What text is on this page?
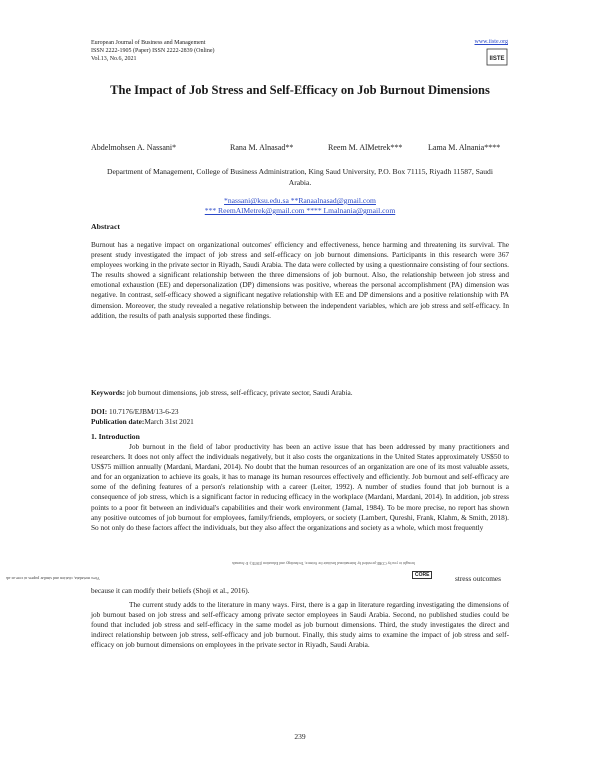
European Journal of Business and Management
ISSN 2222-1905 (Paper) ISSN 2222-2839 (Online)
Vol.13, No.6, 2021
www.iiste.org
IISTE
The Impact of Job Stress and Self-Efficacy on Job Burnout Dimensions
Abdelmohsen A. Nassani*	Rana M. Alnasad**	Reem M. AlMetrek***	Lama M. Alnania****
Department of Management, College of Business Administration, King Saud University, P.O. Box 71115, Riyadh 11587, Saudi Arabia.
*nassani@ksu.edu.sa **Ranaalnasad@gmail.com
*** ReemAlMetrek@gmail.com **** Lmalnania@gmail.com
Abstract
Burnout has a negative impact on organizational outcomes' efficiency and effectiveness, hence harming and threatening its survival. The present study investigated the impact of job stress and self-efficacy on job burnout dimensions. Participants in this research were 367 employees working in the private sector in Riyadh, Saudi Arabia. The data were collected by using a questionnaire consisting of four sections. The results showed a significant relationship between the three dimensions of job burnout. Also, the relationship between job stress and emotional exhaustion (EE) and depersonalization (DP) dimensions was positive, whereas the personal accomplishment (PA) dimension was negative. In contrast, self-efficacy showed a significant negative relationship with EE and DP dimensions and a positive relationship with PA dimension. Moreover, the study revealed a negative relationship between the independent variables, which are job stress and self-efficacy. In addition, the results of path analysis supported these findings.
Keywords: job burnout dimensions, job stress, self-efficacy, private sector, Saudi Arabia.
DOI: 10.7176/EJBM/13-6-23
Publication date:March 31st 2021
1. Introduction
Job burnout in the field of labor productivity has been an active issue that has been addressed by many practitioners and researchers. It does not only affect the individuals negatively, but it also costs the organizations in the United States approximately US$50 to US$75 million annually (Mardani, Mardani, 2014). No doubt that the human resources of an organization are one of its most valuable assets, and for an organization to achieve its goals, it has to manage its human resources effectively and efficiently. Job burnout and self-efficacy are some of the defining features of a person's relationship with a career (Leiter, 1992). A number of studies found that job burnout is a consequence of job stress, which is a significant factor in reducing efficacy in the workplace (Mardani, Mardani, 2014). In addition, job stress points to a poor fit between an individual's capabilities and their work environment (Jamal, 1984). To be more precise, no report has shown any positive outcomes of job burnout for employees, family/friends, employers, or society (Lambert, Qureshi, Frank, Klahm, & Smith, 2018). So not only do these factors affect the individuals, but they also affect the organizations and society as a whole, which most frequently
stress outcomes
because it can modify their beliefs (Shoji et al., 2016).
The current study adds to the literature in many ways. First, there is a gap in literature regarding investigating the dimensions of job burnout based on job stress and self-efficacy among private sector employees in Saudi Arabia. Second, no published studies could be found that included job stress and self-efficacy in the same model as job burnout dimensions. Third, the study investigates the direct and indirect relationship between job stress, self-efficacy and job burnout. Finally, this study aims to examine the impact of job stress and self-efficacy on job burnout dimensions on employees in the private sector in Riyadh, Saudi Arabia.
View metadata, citation and similar papers at core.ac.uk
brought to you by CORE provided by International Institute for Science, Technology and Education (IISTE): E-Journals
CORE
239
